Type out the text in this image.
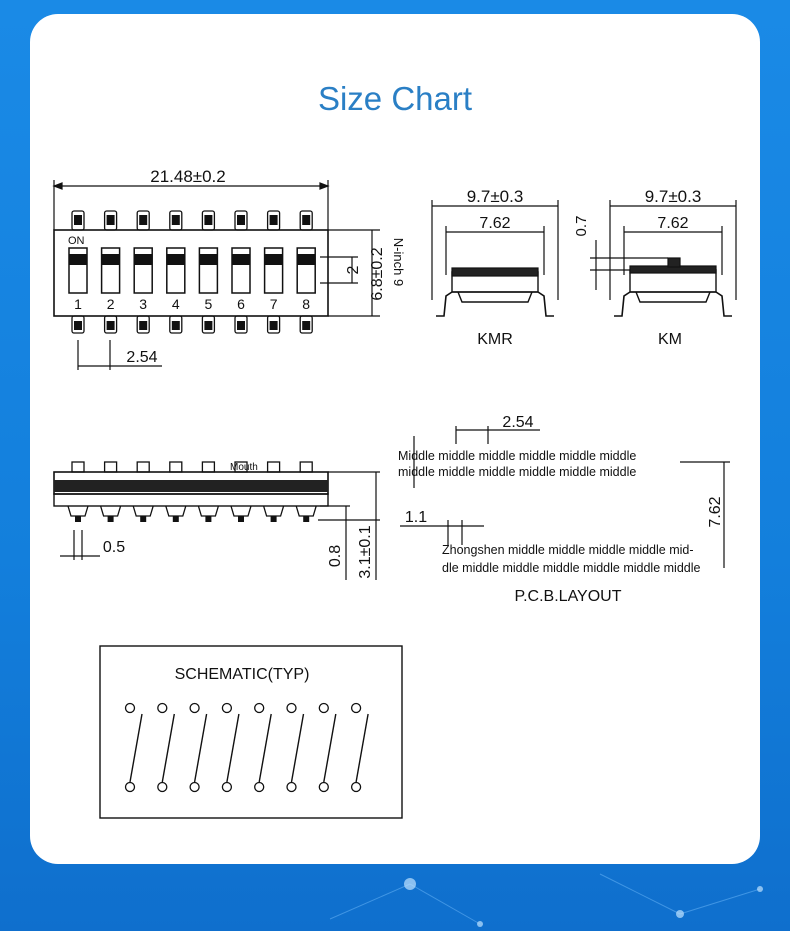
Size Chart
21.48±0.2
ON
1 2 3 4 5 6 7 8
6.8±0.2
2 N-inch 9
2.54
9.7±0.3
7.62
KMR
9.7±0.3
7.62
0.7
KM
Mouth
0.5	0.8 3.1±0.1
2.54
Middle middle middle middle middle middle
middle middle middle middle middle middle
1.1	7.62
Zhongshen middle middle middle middle mid-
dle middle middle middle middle middle middle
P.C.B.LAYOUT
SCHEMATIC(TYP)
